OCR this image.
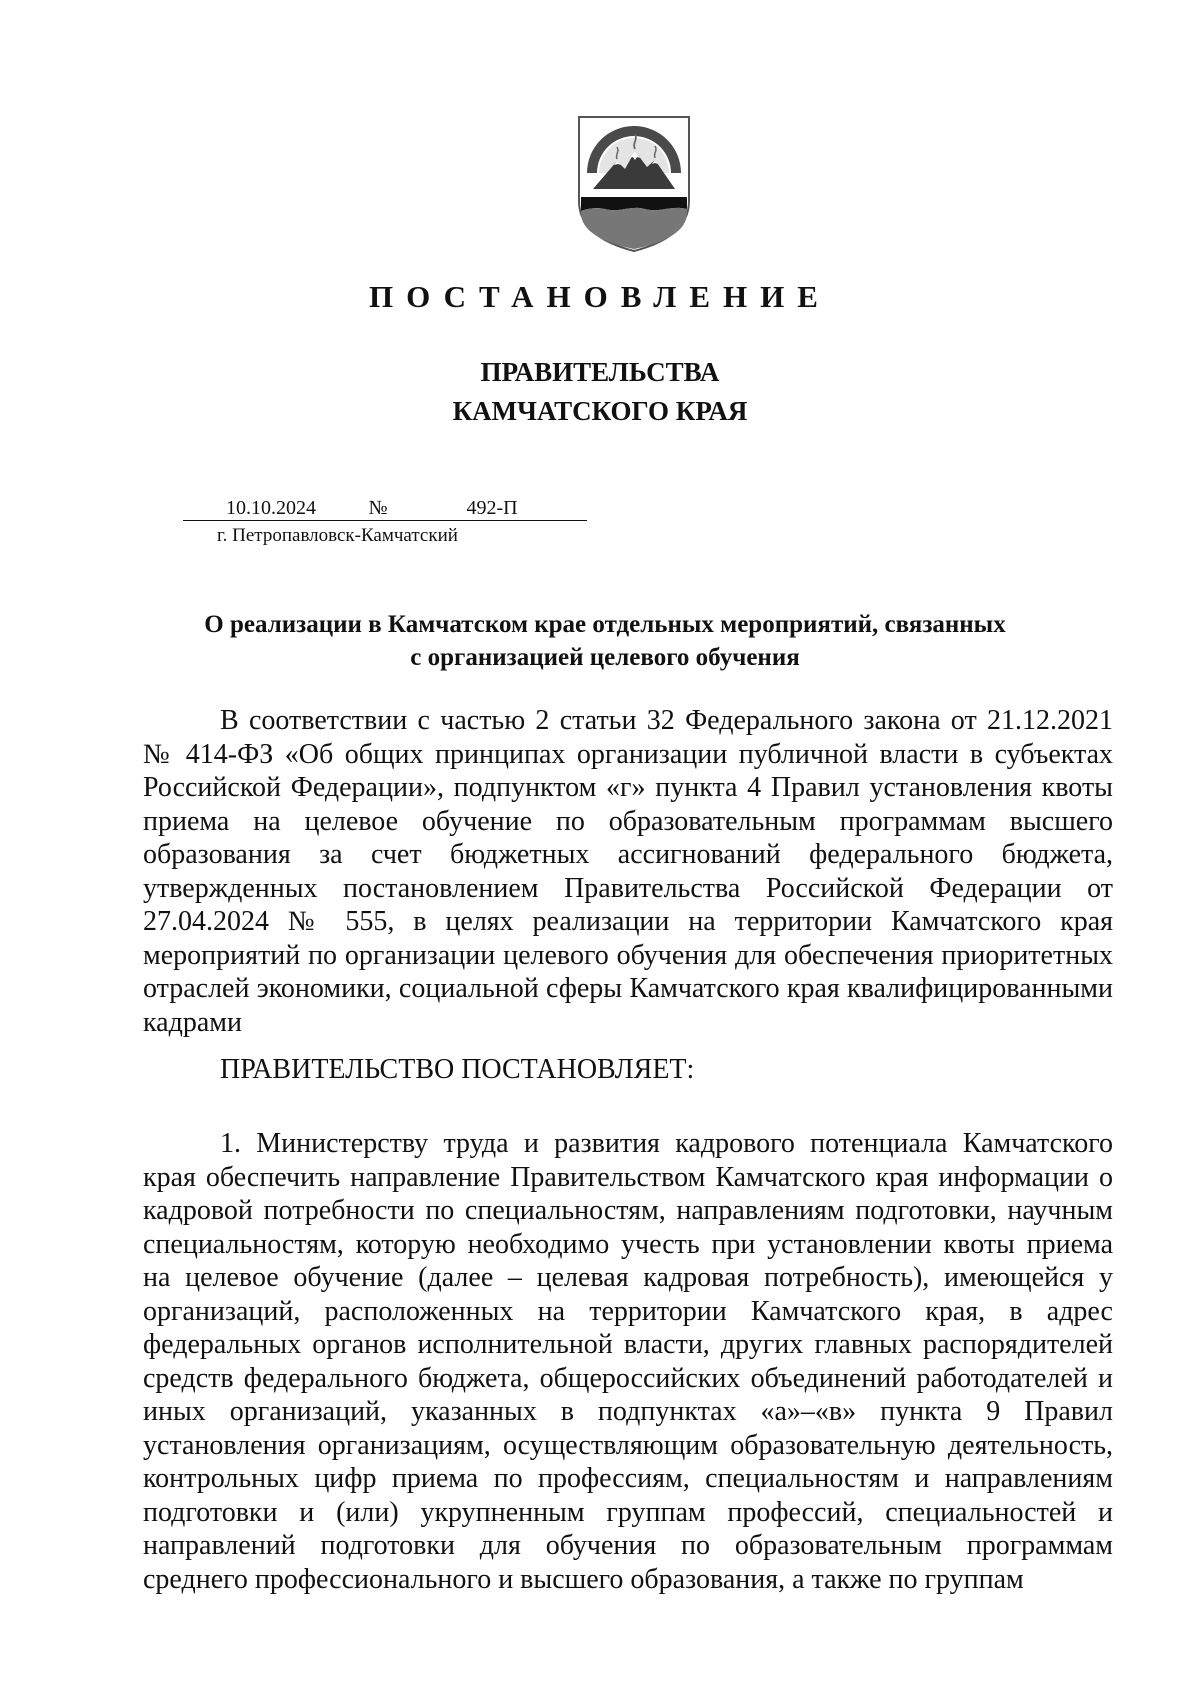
ПОСТАНОВЛЕНИЕ
ПРАВИТЕЛЬСТВА
КАМЧАТСКОГО КРАЯ
10.10.2024	№	492-П
г. Петропавловск-Камчатский
О реализации в Камчатском крае отдельных мероприятий, связанных
с организацией целевого обучения
В соответствии с частью 2 статьи 32 Федерального закона от 21.12.2021 № 414-ФЗ «Об общих принципах организации публичной власти в субъектах Российской Федерации», подпунктом «г» пункта 4 Правил установления квоты приема на целевое обучение по образовательным программам высшего образования за счет бюджетных ассигнований федерального бюджета, утвержденных постановлением Правительства Российской Федерации от 27.04.2024 № 555, в целях реализации на территории Камчатского края мероприятий по организации целевого обучения для обеспечения приоритетных отраслей экономики, социальной сферы Камчатского края квалифицированными кадрами
ПРАВИТЕЛЬСТВО ПОСТАНОВЛЯЕТ:
1. Министерству труда и развития кадрового потенциала Камчатского края обеспечить направление Правительством Камчатского края информации о кадровой потребности по специальностям, направлениям подготовки, научным специальностям, которую необходимо учесть при установлении квоты приема на целевое обучение (далее – целевая кадровая потребность), имеющейся у организаций, расположенных на территории Камчатского края, в адрес федеральных органов исполнительной власти, других главных распорядителей средств федерального бюджета, общероссийских объединений работодателей и иных организаций, указанных в подпунктах «а»–«в» пункта 9 Правил установления организациям, осуществляющим образовательную деятельность, контрольных цифр приема по профессиям, специальностям и направлениям подготовки и (или) укрупненным группам профессий, специальностей и направлений подготовки для обучения по образовательным программам среднего профессионального и высшего образования, а также по группам
